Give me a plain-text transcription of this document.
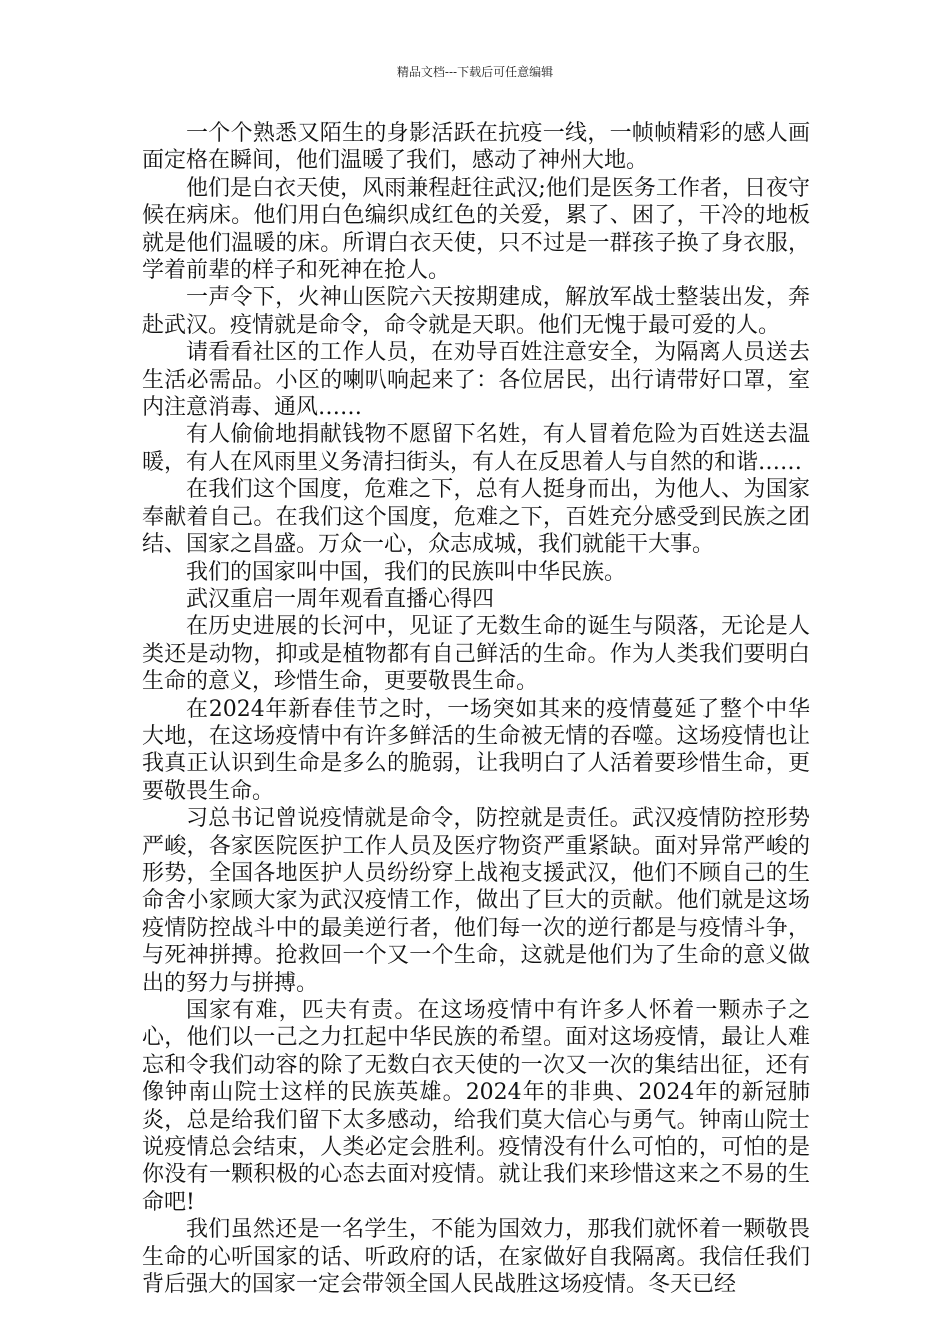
精品文档---下载后可任意编辑

一个个熟悉又陌生的身影活跃在抗疫一线，一帧帧精彩的感人画面定格在瞬间，他们温暖了我们，感动了神州大地。

他们是白衣天使，风雨兼程赶往武汉;他们是医务工作者，日夜守候在病床。他们用白色编织成红色的关爱，累了、困了，干冷的地板就是他们温暖的床。所谓白衣天使，只不过是一群孩子换了身衣服，学着前辈的样子和死神在抢人。

一声令下，火神山医院六天按期建成，解放军战士整装出发，奔赴武汉。疫情就是命令，命令就是天职。他们无愧于最可爱的人。

请看看社区的工作人员，在劝导百姓注意安全，为隔离人员送去生活必需品。小区的喇叭响起来了：各位居民，出行请带好口罩，室内注意消毒、通风……

有人偷偷地捐献钱物不愿留下名姓，有人冒着危险为百姓送去温暖，有人在风雨里义务清扫街头，有人在反思着人与自然的和谐……

在我们这个国度，危难之下，总有人挺身而出，为他人、为国家奉献着自己。在我们这个国度，危难之下，百姓充分感受到民族之团结、国家之昌盛。万众一心，众志成城，我们就能干大事。

我们的国家叫中国，我们的民族叫中华民族。

武汉重启一周年观看直播心得四

在历史进展的长河中，见证了无数生命的诞生与陨落，无论是人类还是动物，抑或是植物都有自己鲜活的生命。作为人类我们要明白生命的意义，珍惜生命，更要敬畏生命。

在2024年新春佳节之时，一场突如其来的疫情蔓延了整个中华大地，在这场疫情中有许多鲜活的生命被无情的吞噬。这场疫情也让我真正认识到生命是多么的脆弱，让我明白了人活着要珍惜生命，更要敬畏生命。

习总书记曾说疫情就是命令，防控就是责任。武汉疫情防控形势严峻，各家医院医护工作人员及医疗物资严重紧缺。面对异常严峻的形势，全国各地医护人员纷纷穿上战袍支援武汉，他们不顾自己的生命舍小家顾大家为武汉疫情工作，做出了巨大的贡献。他们就是这场疫情防控战斗中的最美逆行者，他们每一次的逆行都是与疫情斗争，与死神拼搏。抢救回一个又一个生命，这就是他们为了生命的意义做出的努力与拼搏。

国家有难，匹夫有责。在这场疫情中有许多人怀着一颗赤子之心，他们以一己之力扛起中华民族的希望。面对这场疫情，最让人难忘和令我们动容的除了无数白衣天使的一次又一次的集结出征，还有像钟南山院士这样的民族英雄。2024年的非典、2024年的新冠肺炎，总是给我们留下太多感动，给我们莫大信心与勇气。钟南山院士说疫情总会结束，人类必定会胜利。疫情没有什么可怕的，可怕的是你没有一颗积极的心态去面对疫情。就让我们来珍惜这来之不易的生命吧!

我们虽然还是一名学生，不能为国效力，那我们就怀着一颗敬畏生命的心听国家的话、听政府的话，在家做好自我隔离。我信任我们背后强大的国家一定会带领全国人民战胜这场疫情。冬天已经
